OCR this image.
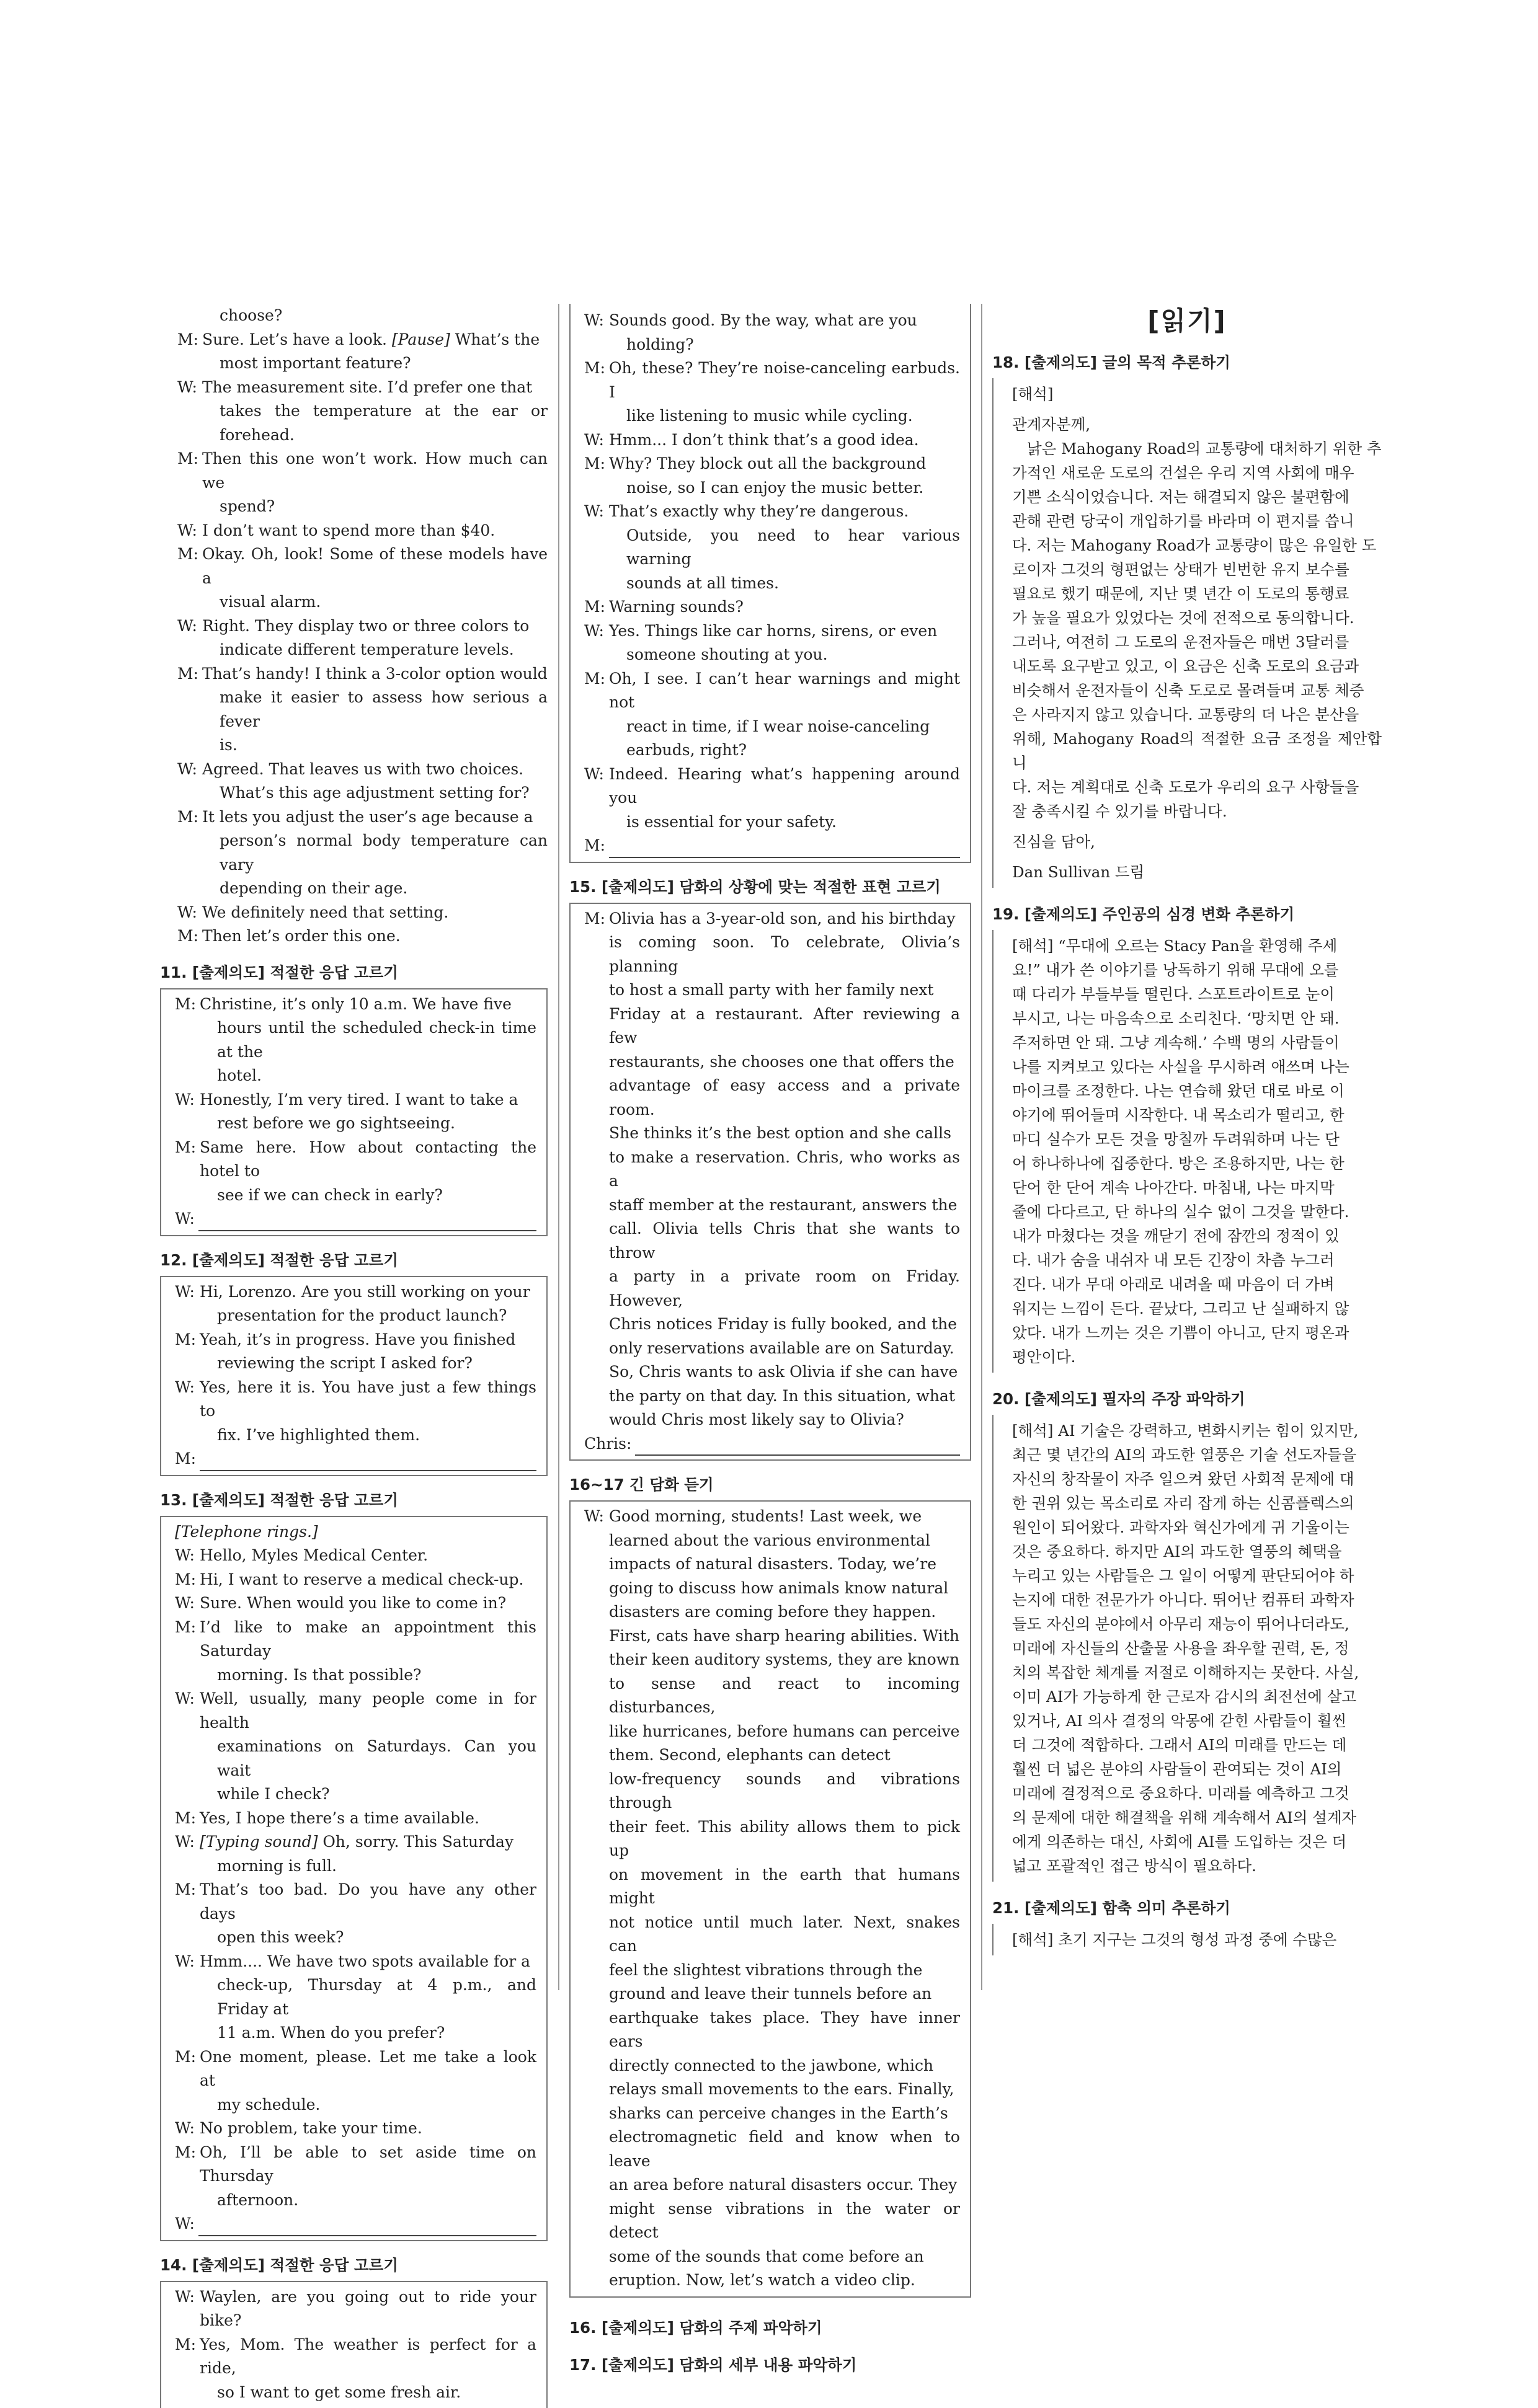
choose?
M: Sure. Let’s have a look. [Pause] What’s the
most important feature?
W: The measurement site. I’d prefer one that
takes the temperature at the ear or forehead.
M: Then this one won’t work. How much can we
spend?
W: I don’t want to spend more than $40.
M: Okay. Oh, look! Some of these models have a
visual alarm.
W: Right. They display two or three colors to
indicate different temperature levels.
M: That’s handy! I think a 3-color option would
make it easier to assess how serious a fever
is.
W: Agreed. That leaves us with two choices.
What’s this age adjustment setting for?
M: It lets you adjust the user’s age because a
person’s normal body temperature can vary
depending on their age.
W: We definitely need that setting.
M: Then let’s order this one.
11. [출제의도] 적절한 응답 고르기
M: Christine, it’s only 10 a.m. We have five
hours until the scheduled check-in time at the
hotel.
W: Honestly, I’m very tired. I want to take a
rest before we go sightseeing.
M: Same here. How about contacting the hotel to
see if we can check in early?
W:
12. [출제의도] 적절한 응답 고르기
W: Hi, Lorenzo. Are you still working on your
presentation for the product launch?
M: Yeah, it’s in progress. Have you finished
reviewing the script I asked for?
W: Yes, here it is. You have just a few things to
fix. I’ve highlighted them.
M:
13. [출제의도] 적절한 응답 고르기
[Telephone rings.]
W: Hello, Myles Medical Center.
M: Hi, I want to reserve a medical check-up.
W: Sure. When would you like to come in?
M: I’d like to make an appointment this Saturday
morning. Is that possible?
W: Well, usually, many people come in for health
examinations on Saturdays. Can you wait
while I check?
M: Yes, I hope there’s a time available.
W: [Typing sound] Oh, sorry. This Saturday
morning is full.
M: That’s too bad. Do you have any other days
open this week?
W: Hmm.... We have two spots available for a
check-up, Thursday at 4 p.m., and Friday at
11 a.m. When do you prefer?
M: One moment, please. Let me take a look at
my schedule.
W: No problem, take your time.
M: Oh, I’ll be able to set aside time on Thursday
afternoon.
W:
14. [출제의도] 적절한 응답 고르기
W: Waylen, are you going out to ride your bike?
M: Yes, Mom. The weather is perfect for a ride,
so I want to get some fresh air.
W: Sounds good. By the way, what are you
holding?
M: Oh, these? They’re noise-canceling earbuds. I
like listening to music while cycling.
W: Hmm... I don’t think that’s a good idea.
M: Why? They block out all the background
noise, so I can enjoy the music better.
W: That’s exactly why they’re dangerous.
Outside, you need to hear various warning
sounds at all times.
M: Warning sounds?
W: Yes. Things like car horns, sirens, or even
someone shouting at you.
M: Oh, I see. I can’t hear warnings and might not
react in time, if I wear noise-canceling
earbuds, right?
W: Indeed. Hearing what’s happening around you
is essential for your safety.
M:
15. [출제의도] 담화의 상황에 맞는 적절한 표현 고르기
M: Olivia has a 3-year-old son, and his birthday
is coming soon. To celebrate, Olivia’s planning
to host a small party with her family next
Friday at a restaurant. After reviewing a few
restaurants, she chooses one that offers the
advantage of easy access and a private room.
She thinks it’s the best option and she calls
to make a reservation. Chris, who works as a
staff member at the restaurant, answers the
call. Olivia tells Chris that she wants to throw
a party in a private room on Friday. However,
Chris notices Friday is fully booked, and the
only reservations available are on Saturday.
So, Chris wants to ask Olivia if she can have
the party on that day. In this situation, what
would Chris most likely say to Olivia?
Chris:
16~17 긴 담화 듣기
W: Good morning, students! Last week, we
learned about the various environmental
impacts of natural disasters. Today, we’re
going to discuss how animals know natural
disasters are coming before they happen.
First, cats have sharp hearing abilities. With
their keen auditory systems, they are known
to sense and react to incoming disturbances,
like hurricanes, before humans can perceive
them. Second, elephants can detect
low-frequency sounds and vibrations through
their feet. This ability allows them to pick up
on movement in the earth that humans might
not notice until much later. Next, snakes can
feel the slightest vibrations through the
ground and leave their tunnels before an
earthquake takes place. They have inner ears
directly connected to the jawbone, which
relays small movements to the ears. Finally,
sharks can perceive changes in the Earth’s
electromagnetic field and know when to leave
an area before natural disasters occur. They
might sense vibrations in the water or detect
some of the sounds that come before an
eruption. Now, let’s watch a video clip.
16. [출제의도] 담화의 주제 파악하기
17. [출제의도] 담화의 세부 내용 파악하기
[읽기]
18. [출제의도] 글의 목적 추론하기

[해석]

관계자분께,

낡은 Mahogany Road의 교통량에 대처하기 위한 추

가적인 새로운 도로의 건설은 우리 지역 사회에 매우

기쁜 소식이었습니다. 저는 해결되지 않은 불편함에

관해 관련 당국이 개입하기를 바라며 이 편지를 씁니

다. 저는 Mahogany Road가 교통량이 많은 유일한 도

로이자 그것의 형편없는 상태가 빈번한 유지 보수를

필요로 했기 때문에, 지난 몇 년간 이 도로의 통행료

가 높을 필요가 있었다는 것에 전적으로 동의합니다.

그러나, 여전히 그 도로의 운전자들은 매번 3달러를

내도록 요구받고 있고, 이 요금은 신축 도로의 요금과

비슷해서 운전자들이 신축 도로로 몰려들며 교통 체증

은 사라지지 않고 있습니다. 교통량의 더 나은 분산을

위해, Mahogany Road의 적절한 요금 조정을 제안합니

다. 저는 계획대로 신축 도로가 우리의 요구 사항들을

잘 충족시킬 수 있기를 바랍니다.

진심을 담아,

Dan Sullivan 드림

19. [출제의도] 주인공의 심경 변화 추론하기

[해석] “무대에 오르는 Stacy Pan을 환영해 주세

요!” 내가 쓴 이야기를 낭독하기 위해 무대에 오를

때 다리가 부들부들 떨린다. 스포트라이트로 눈이

부시고, 나는 마음속으로 소리친다. ‘망치면 안 돼.

주저하면 안 돼. 그냥 계속해.’ 수백 명의 사람들이

나를 지켜보고 있다는 사실을 무시하려 애쓰며 나는

마이크를 조정한다. 나는 연습해 왔던 대로 바로 이

야기에 뛰어들며 시작한다. 내 목소리가 떨리고, 한

마디 실수가 모든 것을 망칠까 두려워하며 나는 단

어 하나하나에 집중한다. 방은 조용하지만, 나는 한

단어 한 단어 계속 나아간다. 마침내, 나는 마지막

줄에 다다르고, 단 하나의 실수 없이 그것을 말한다.

내가 마쳤다는 것을 깨닫기 전에 잠깐의 정적이 있

다. 내가 숨을 내쉬자 내 모든 긴장이 차츰 누그러

진다. 내가 무대 아래로 내려올 때 마음이 더 가벼

워지는 느낌이 든다. 끝났다, 그리고 난 실패하지 않

았다. 내가 느끼는 것은 기쁨이 아니고, 단지 평온과

평안이다.

20. [출제의도] 필자의 주장 파악하기

[해석] AI 기술은 강력하고, 변화시키는 힘이 있지만,

최근 몇 년간의 AI의 과도한 열풍은 기술 선도자들을

자신의 창작물이 자주 일으켜 왔던 사회적 문제에 대

한 권위 있는 목소리로 자리 잡게 하는 신콤플렉스의

원인이 되어왔다. 과학자와 혁신가에게 귀 기울이는

것은 중요하다. 하지만 AI의 과도한 열풍의 혜택을

누리고 있는 사람들은 그 일이 어떻게 판단되어야 하

는지에 대한 전문가가 아니다. 뛰어난 컴퓨터 과학자

들도 자신의 분야에서 아무리 재능이 뛰어나더라도,

미래에 자신들의 산출물 사용을 좌우할 권력, 돈, 정

치의 복잡한 체계를 저절로 이해하지는 못한다. 사실,

이미 AI가 가능하게 한 근로자 감시의 최전선에 살고

있거나, AI 의사 결정의 악몽에 갇힌 사람들이 훨씬

더 그것에 적합하다. 그래서 AI의 미래를 만드는 데

훨씬 더 넓은 분야의 사람들이 관여되는 것이 AI의

미래에 결정적으로 중요하다. 미래를 예측하고 그것

의 문제에 대한 해결책을 위해 계속해서 AI의 설계자

에게 의존하는 대신, 사회에 AI를 도입하는 것은 더

넓고 포괄적인 접근 방식이 필요하다.

21. [출제의도] 함축 의미 추론하기

[해석] 초기 지구는 그것의 형성 과정 중에 수많은
